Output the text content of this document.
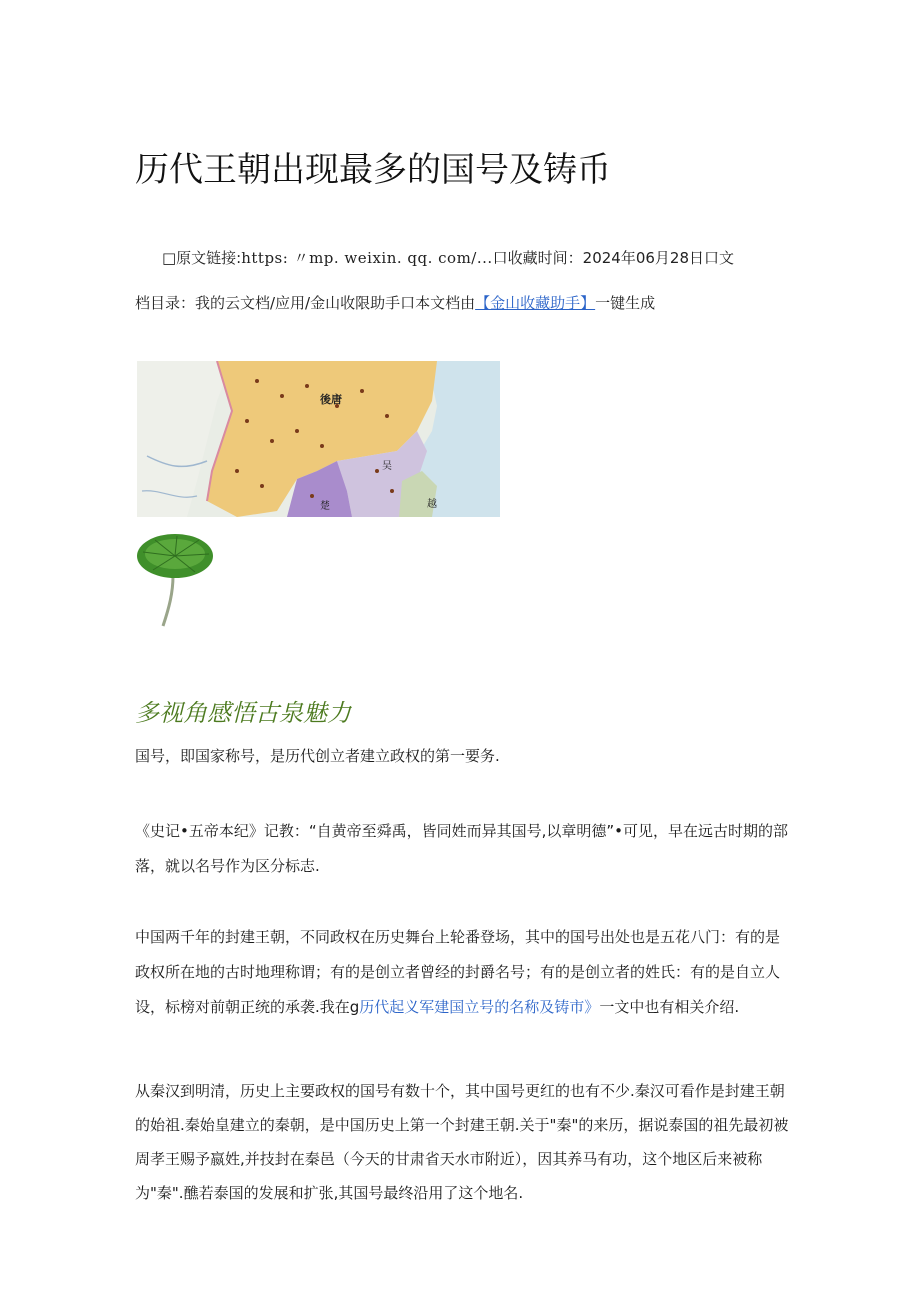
历代王朝出现最多的国号及铸币
□原文链接:https: 〃mp. weixin. qq. com/...口收藏时间：2024年06月28日口文
档目录：我的云文档/应用/金山收限助手口本文档由【金山收藏助手】一键生成
後唐
吴
楚	越
多视角感悟古泉魅力

国号，即国家称号，是历代创立者建立政权的第一要务.

《史记•五帝本纪》记教：“自黄帝至舜禹，皆同姓而异其国号,以章明德”•可见，早在远古时期的部落，就以名号作为区分标志.

中国两千年的封建王朝，不同政权在历史舞台上轮番登场，其中的国号出处也是五花八门：有的是政权所在地的古时地理称谓；有的是创立者曾经的封爵名号；有的是创立者的姓氏：有的是自立人设，标榜对前朝正统的承袭.我在g历代起义军建国立号的名称及铸市》一文中也有相关介绍.

从秦汉到明清，历史上主要政权的国号有数十个，其中国号更红的也有不少.秦汉可看作是封建王朝的始祖.秦始皇建立的秦朝，是中国历史上第一个封建王朝.关于"秦"的来历，据说泰国的祖先最初被周孝王赐予嬴姓,并技封在秦邑（今天的甘肃省天水市附近），因其养马有功，这个地区后来被称为"秦".醮若泰国的发展和扩张,其国号最终沿用了这个地名.
